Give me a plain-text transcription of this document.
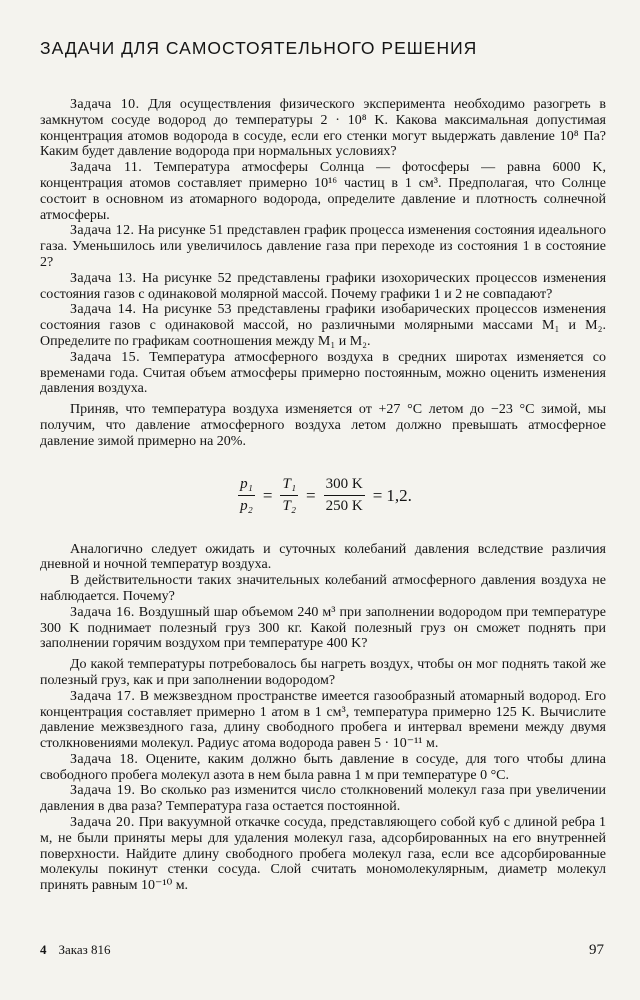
ЗАДАЧИ ДЛЯ САМОСТОЯТЕЛЬНОГО РЕШЕНИЯ

Задача 10. Для осуществления физического эксперимента необходимо разогреть в замкнутом сосуде водород до температуры 2 · 10⁸ K. Какова максимальная допустимая концентрация атомов водорода в сосуде, если его стенки могут выдержать давление 10⁸ Па? Каким будет давление водорода при нормальных условиях?

Задача 11. Температура атмосферы Солнца — фотосферы — равна 6000 K, концентрация атомов составляет примерно 10¹⁶ частиц в 1 см³. Предполагая, что Солнце состоит в основном из атомарного водорода, определите давление и плотность солнечной атмосферы.

Задача 12. На рисунке 51 представлен график процесса изменения состояния идеального газа. Уменьшилось или увеличилось давление газа при переходе из состояния 1 в состояние 2?

Задача 13. На рисунке 52 представлены графики изохорических процессов изменения состояния газов с одинаковой молярной массой. Почему графики 1 и 2 не совпадают?

Задача 14. На рисунке 53 представлены графики изобарических процессов изменения состояния газов с одинаковой массой, но различными молярными массами M₁ и M₂. Определите по графикам соотношения между M₁ и M₂.

Задача 15. Температура атмосферного воздуха в средних широтах изменяется со временами года. Считая объем атмосферы примерно постоянным, можно оценить изменения давления воздуха.

Приняв, что температура воздуха изменяется от +27 °C летом до −23 °C зимой, мы получим, что давление атмосферного воздуха летом должно превышать атмосферное давление зимой примерно на 20%.

$\frac{\text{p₁}}{\text{p₂}} = \frac{\text{T₁}}{\text{T₂}} = \frac{300 K}{250 K} = 1,2$.

Аналогично следует ожидать и суточных колебаний давления вследствие различия дневной и ночной температур воздуха.

В действительности таких значительных колебаний атмосферного давления воздуха не наблюдается. Почему?

Задача 16. Воздушный шар объемом 240 м³ при заполнении водородом при температуре 300 K поднимает полезный груз 300 кг. Какой полезный груз он сможет поднять при заполнении горячим воздухом при температуре 400 K?

До какой температуры потребовалось бы нагреть воздух, чтобы он мог поднять такой же полезный груз, как и при заполнении водородом?

Задача 17. В межзвездном пространстве имеется газообразный атомарный водород. Его концентрация составляет примерно 1 атом в 1 см³, температура примерно 125 K. Вычислите давление межзвездного газа, длину свободного пробега и интервал времени между двумя столкновениями молекул. Радиус атома водорода равен 5 · 10⁻¹¹ м.

Задача 18. Оцените, каким должно быть давление в сосуде, для того чтобы длина свободного пробега молекул азота в нем была равна 1 м при температуре 0 °C.

Задача 19. Во сколько раз изменится число столкновений молекул газа при увеличении давления в два раза? Температура газа остается постоянной.

Задача 20. При вакуумной откачке сосуда, представляющего собой куб с длиной ребра 1 м, не были приняты меры для удаления молекул газа, адсорбированных на его внутренней поверхности. Найдите длину свободного пробега молекул газа, если все адсорбированные молекулы покинут стенки сосуда. Слой считать мономолекулярным, диаметр молекул принять равным 10⁻¹⁰ м.

4 Заказ 816	97
